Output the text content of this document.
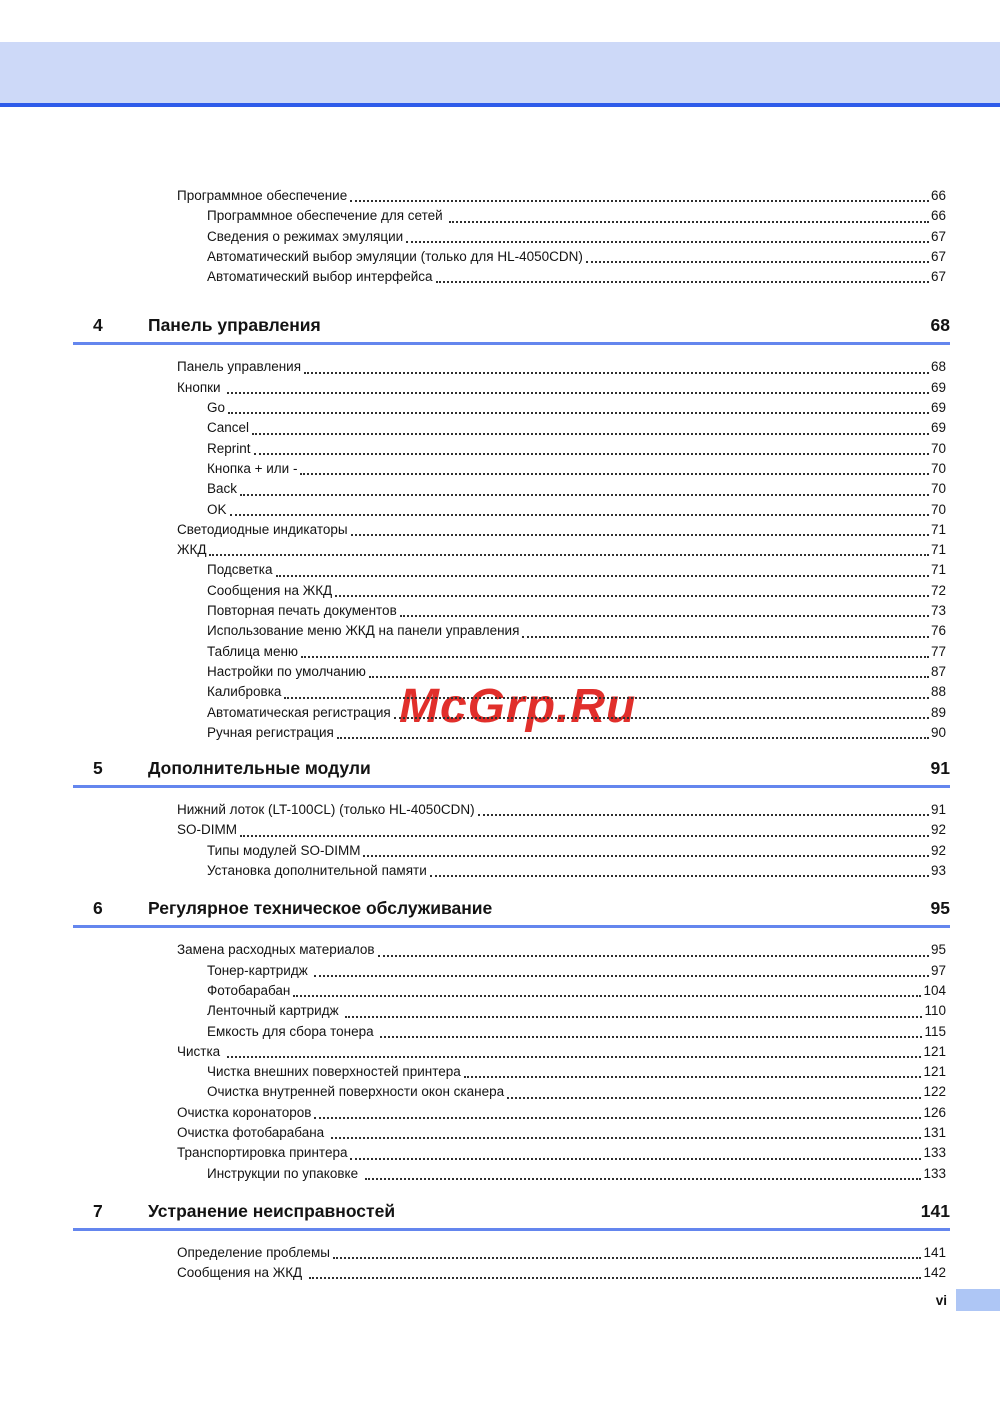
McGrp.Ru
Программное обеспечение	66
Программное обеспечение для сетей	66
Сведения о режимах эмуляции	67
Автоматический выбор эмуляции (только для HL-4050CDN)	67
Автоматический выбор интерфейса	67
4	Панель управления	68
Панель управления	68
Кнопки	69
Go	69
Cancel	69
Reprint	70
Кнопка + или -	70
Back	70
OK	70
Светодиодные индикаторы	71
ЖКД	71
Подсветка	71
Сообщения на ЖКД	72
Повторная печать документов	73
Использование меню ЖКД на панели управления	76
Таблица меню	77
Настройки по умолчанию	87
Калибровка	88
Автоматическая регистрация	89
Ручная регистрация	90
5	Дополнительные модули	91
Нижний лоток (LT-100CL) (только HL-4050CDN)	91
SO-DIMM	92
Типы модулей SO-DIMM	92
Установка дополнительной памяти	93
6	Регулярное техническое обслуживание	95
Замена расходных материалов	95
Тонер-картридж	97
Фотобарабан	104
Ленточный картридж	110
Емкость для сбора тонера	115
Чистка	121
Чистка внешних поверхностей принтера	121
Очистка внутренней поверхности окон сканера	122
Очистка коронаторов	126
Очистка фотобарабана	131
Транспортировка принтера	133
Инструкции по упаковке	133
7	Устранение неисправностей	141
Определение проблемы	141
Сообщения на ЖКД	142
vi
